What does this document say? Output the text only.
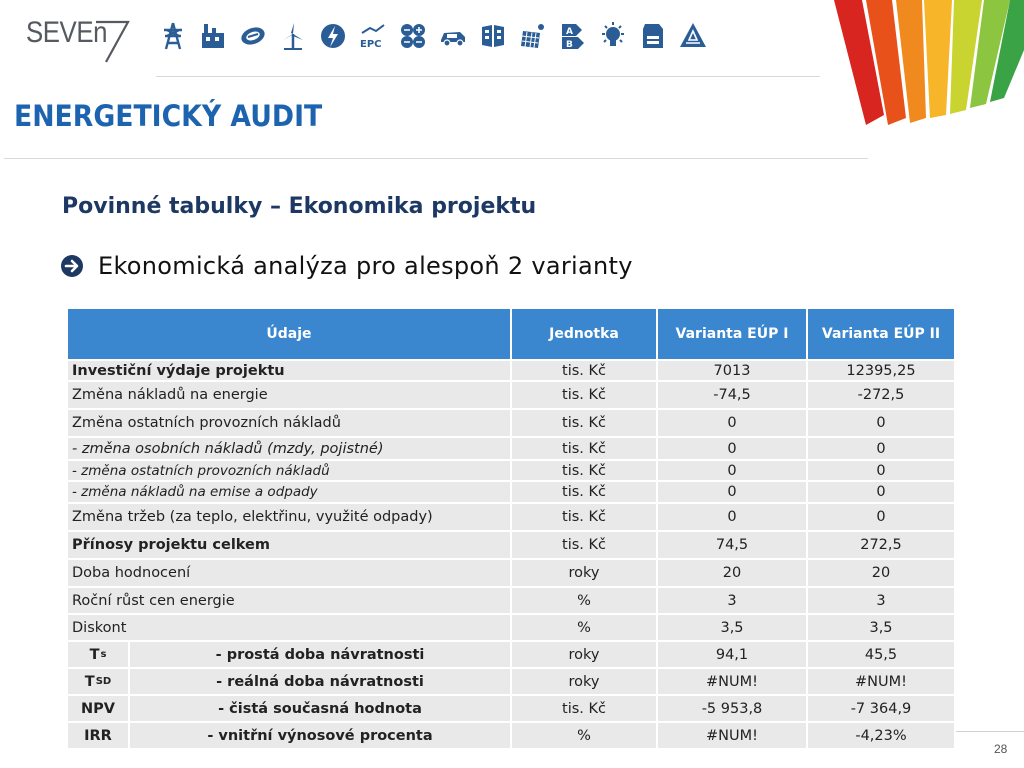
SEVEn	EPC
A
B
ENERGETICKÝ AUDIT
Povinné tabulky – Ekonomika projektu
Ekonomická analýza pro alespoň 2 varianty
Údaje	Jednotka	Varianta EÚP I	Varianta EÚP II
Investiční výdaje projektu	tis. Kč	7013	12395,25
Změna nákladů na energie	tis. Kč	-74,5	-272,5
Změna ostatních provozních nákladů	tis. Kč	0	0
- změna osobních nákladů (mzdy, pojistné)	tis. Kč	0	0
- změna ostatních provozních nákladů	tis. Kč	0	0
- změna nákladů na emise a odpady	tis. Kč	0	0
Změna tržeb (za teplo, elektřinu, využité odpady)	tis. Kč	0	0
Přínosy projektu celkem	tis. Kč	74,5	272,5
Doba hodnocení	roky	20	20
Roční růst cen energie	%	3	3
Diskont	%	3,5	3,5
T s	- prostá doba návratnosti	roky	94,1	45,5
T SD	- reálná doba návratnosti	roky	#NUM!	#NUM!
NPV	- čistá současná hodnota	tis. Kč	-5 953,8	-7 364,9
IRR	- vnitřní výnosové procenta	%	#NUM!	-4,23%
28
